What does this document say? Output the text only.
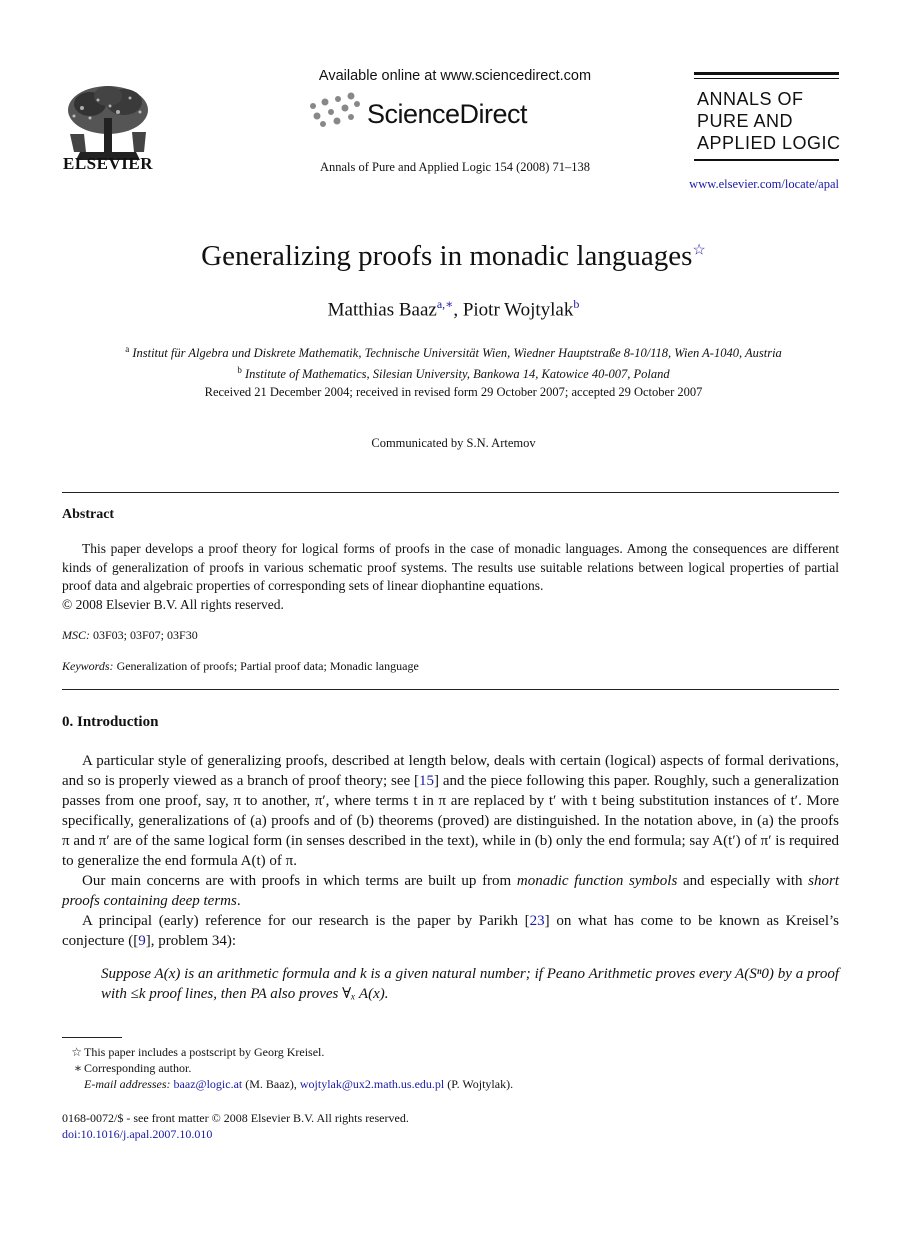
ELSEVIER
Available online at www.sciencedirect.com
ScienceDirect
Annals of Pure and Applied Logic 154 (2008) 71–138
ANNALS OF
PURE AND
APPLIED LOGIC
www.elsevier.com/locate/apal
Generalizing proofs in monadic languages☆
Matthias Baaz$^{a,∗}$, Piotr Wojtylak$^b$
$^a$ Institut für Algebra und Diskrete Mathematik, Technische Universität Wien, Wiedner Hauptstraße 8-10/118, Wien A-1040, Austria
$^b$ Institute of Mathematics, Silesian University, Bankowa 14, Katowice 40-007, Poland
Received 21 December 2004; received in revised form 29 October 2007; accepted 29 October 2007
Communicated by S.N. Artemov
Abstract
This paper develops a proof theory for logical forms of proofs in the case of monadic languages. Among the consequences are different kinds of generalization of proofs in various schematic proof systems. The results use suitable relations between logical properties of partial proof data and algebraic properties of corresponding sets of linear diophantine equations.
© 2008 Elsevier B.V. All rights reserved.
MSC: 03F03; 03F07; 03F30
Keywords: Generalization of proofs; Partial proof data; Monadic language
0. Introduction

A particular style of generalizing proofs, described at length below, deals with certain (logical) aspects of formal derivations, and so is properly viewed as a branch of proof theory; see [15] and the piece following this paper. Roughly, such a generalization passes from one proof, say, π to another, π′, where terms t in π are replaced by t′ with t being substitution instances of t′. More specifically, generalizations of (a) proofs and of (b) theorems (proved) are distinguished. In the notation above, in (a) the proofs π and π′ are of the same logical form (in senses described in the text), while in (b) only the end formula; say A(t′) of π′ is required to generalize the end formula A(t) of π.

Our main concerns are with proofs in which terms are built up from monadic function symbols and especially with short proofs containing deep terms.

A principal (early) reference for our research is the paper by Parikh [23] on what has come to be known as Kreisel’s conjecture ([9], problem 34):

Suppose A(x) is an arithmetic formula and k is a given natural number; if Peano Arithmetic proves every A(Sⁿ0) by a proof with ≤k proof lines, then PA also proves ∀ₓ A(x).
☆ This paper includes a postscript by Georg Kreisel.
∗ Corresponding author.
E-mail addresses: baaz@logic.at (M. Baaz), wojtylak@ux2.math.us.edu.pl (P. Wojtylak).
0168-0072/$ - see front matter © 2008 Elsevier B.V. All rights reserved.
doi:10.1016/j.apal.2007.10.010
